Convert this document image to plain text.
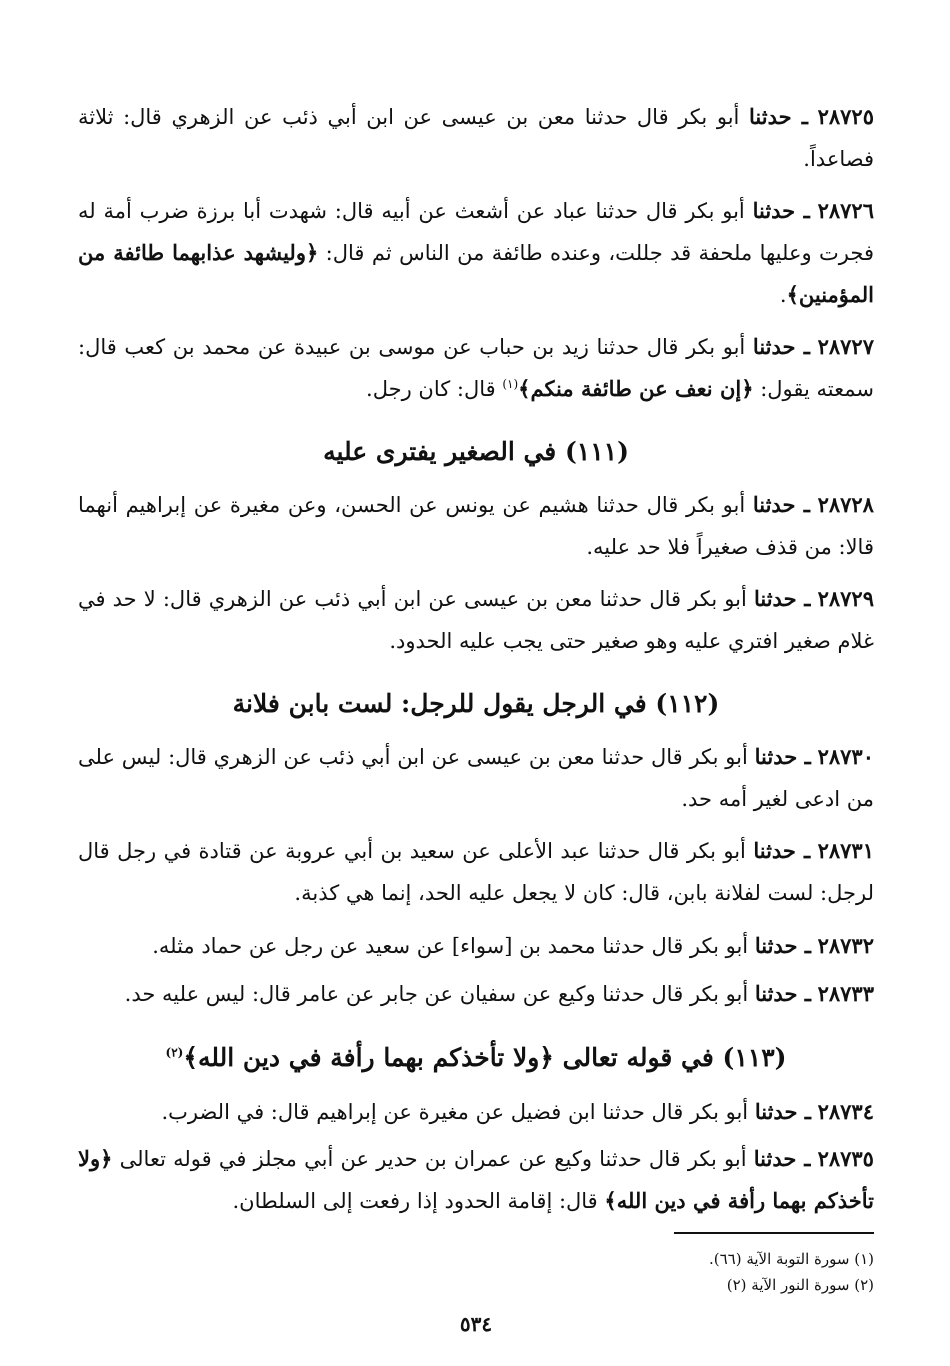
٢٨٧٢٥ ـ حدثنا أبو بكر قال حدثنا معن بن عيسى عن ابن أبي ذئب عن الزهري قال: ثلاثة فصاعداً.

٢٨٧٢٦ ـ حدثنا أبو بكر قال حدثنا عباد عن أشعث عن أبيه قال: شهدت أبا برزة ضرب أمة له فجرت وعليها ملحفة قد جللت، وعنده طائفة من الناس ثم قال: ﴿وليشهد عذابهما طائفة من المؤمنين﴾.

٢٨٧٢٧ ـ حدثنا أبو بكر قال حدثنا زيد بن حباب عن موسى بن عبيدة عن محمد بن كعب قال: سمعته يقول: ﴿إن نعف عن طائفة منكم﴾$^{(١)}$ قال: كان رجل.

(١١١) في الصغير يفترى عليه

٢٨٧٢٨ ـ حدثنا أبو بكر قال حدثنا هشيم عن يونس عن الحسن، وعن مغيرة عن إبراهيم أنهما قالا: من قذف صغيراً فلا حد عليه.

٢٨٧٢٩ ـ حدثنا أبو بكر قال حدثنا معن بن عيسى عن ابن أبي ذئب عن الزهري قال: لا حد في غلام صغير افتري عليه وهو صغير حتى يجب عليه الحدود.

(١١٢) في الرجل يقول للرجل: لست بابن فلانة

٢٨٧٣٠ ـ حدثنا أبو بكر قال حدثنا معن بن عيسى عن ابن أبي ذئب عن الزهري قال: ليس على من ادعى لغير أمه حد.

٢٨٧٣١ ـ حدثنا أبو بكر قال حدثنا عبد الأعلى عن سعيد بن أبي عروبة عن قتادة في رجل قال لرجل: لست لفلانة بابن، قال: كان لا يجعل عليه الحد، إنما هي كذبة.

٢٨٧٣٢ ـ حدثنا أبو بكر قال حدثنا محمد بن [سواء] عن سعيد عن رجل عن حماد مثله.

٢٨٧٣٣ ـ حدثنا أبو بكر قال حدثنا وكيع عن سفيان عن جابر عن عامر قال: ليس عليه حد.

(١١٣) في قوله تعالى ﴿ولا تأخذكم بهما رأفة في دين الله﴾$^{(٢)}$

٢٨٧٣٤ ـ حدثنا أبو بكر قال حدثنا ابن فضيل عن مغيرة عن إبراهيم قال: في الضرب.

٢٨٧٣٥ ـ حدثنا أبو بكر قال حدثنا وكيع عن عمران بن حدير عن أبي مجلز في قوله تعالى ﴿ولا تأخذكم بهما رأفة في دين الله﴾ قال: إقامة الحدود إذا رفعت إلى السلطان.

(١) سورة التوبة الآية (٦٦).

(٢) سورة النور الآية (٢)

٥٣٤
